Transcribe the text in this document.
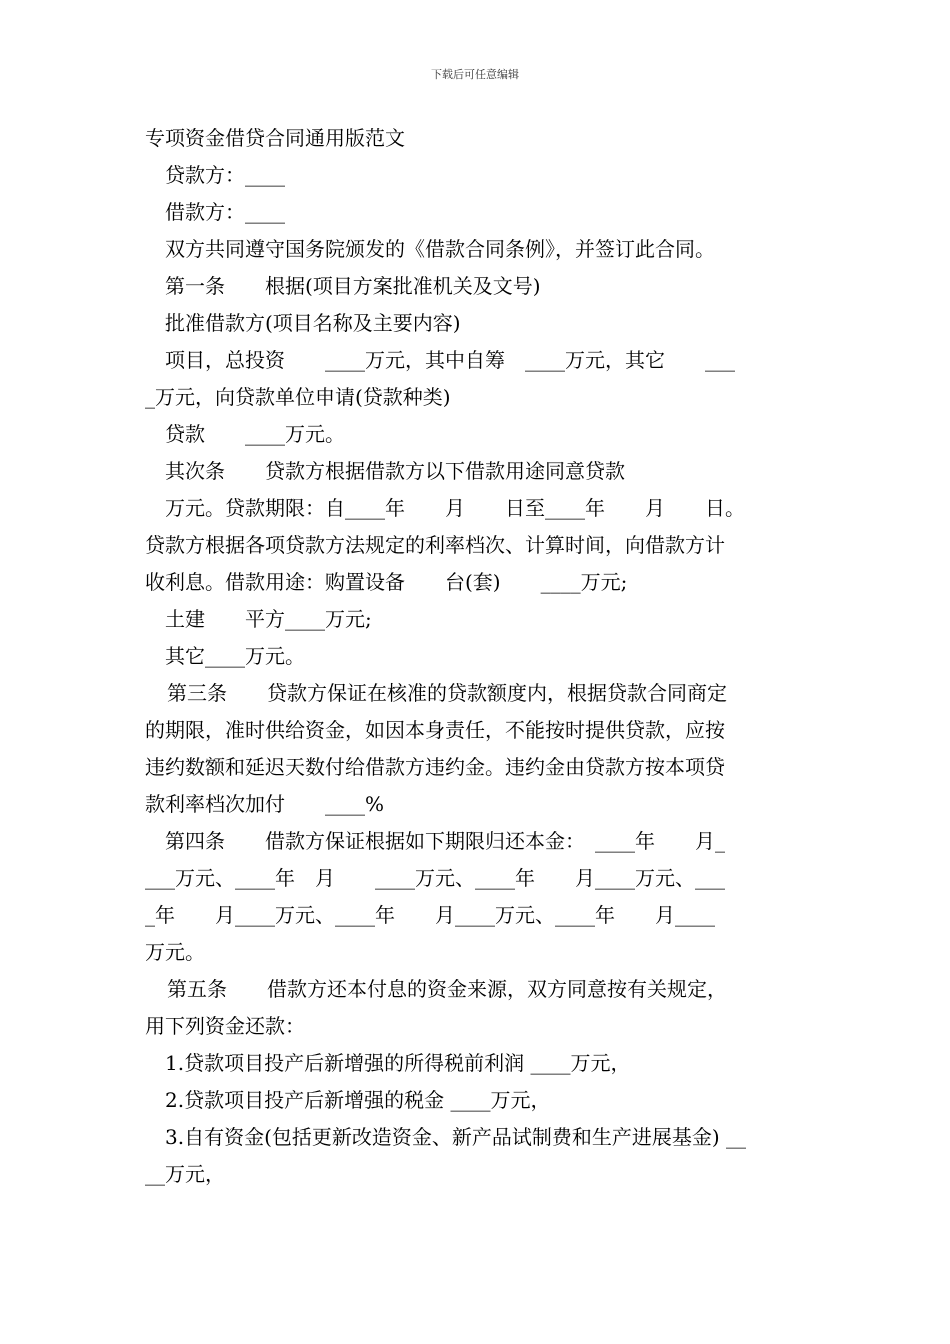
下载后可任意编辑
专项资金借贷合同通用版范文
贷款方：____
借款方：____
双方共同遵守国务院颁发的《借款合同条例》，并签订此合同。
第一条　　根据(项目方案批准机关及文号)
批准借款方(项目名称及主要内容)
项目，总投资　　____万元，其中自筹　____万元，其它　　___
_万元，向贷款单位申请(贷款种类)
贷款　　____万元。
其次条　　贷款方根据借款方以下借款用途同意贷款
万元。贷款期限：自____年　　月　　日至____年　　月　　日。
贷款方根据各项贷款方法规定的利率档次、计算时间，向借款方计
收利息。借款用途：购置设备　　台(套)　　____万元;
土建　　平方____万元;
其它____万元。
第三条　　贷款方保证在核准的贷款额度内，根据贷款合同商定
的期限，准时供给资金，如因本身责任，不能按时提供贷款，应按
违约数额和延迟天数付给借款方违约金。违约金由贷款方按本项贷
款利率档次加付　　____%
第四条　　借款方保证根据如下期限归还本金：　____年　　月_
___万元、____年　月　　____万元、____年　　月____万元、___
_年　　月____万元、____年　　月____万元、____年　　月____
万元。
第五条　　借款方还本付息的资金来源，双方同意按有关规定，
用下列资金还款：
1.贷款项目投产后新增强的所得税前利润 ____万元，
2.贷款项目投产后新增强的税金 ____万元，
3.自有资金(包括更新改造资金、新产品试制费和生产进展基金) __
__万元，
